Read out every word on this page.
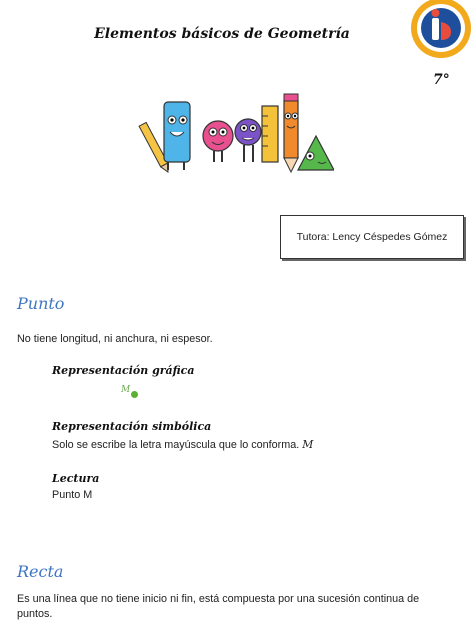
Elementos básicos de Geometría
7°
Tutora: Lency Céspedes Gómez
Punto
No tiene longitud, ni anchura, ni espesor.
Representación gráfica
M
Representación simbólica
Solo se escribe la letra mayúscula que lo conforma. M
Lectura
Punto M
Recta
Es una línea que no tiene inicio ni fin, está compuesta por una sucesión continua de
puntos.
